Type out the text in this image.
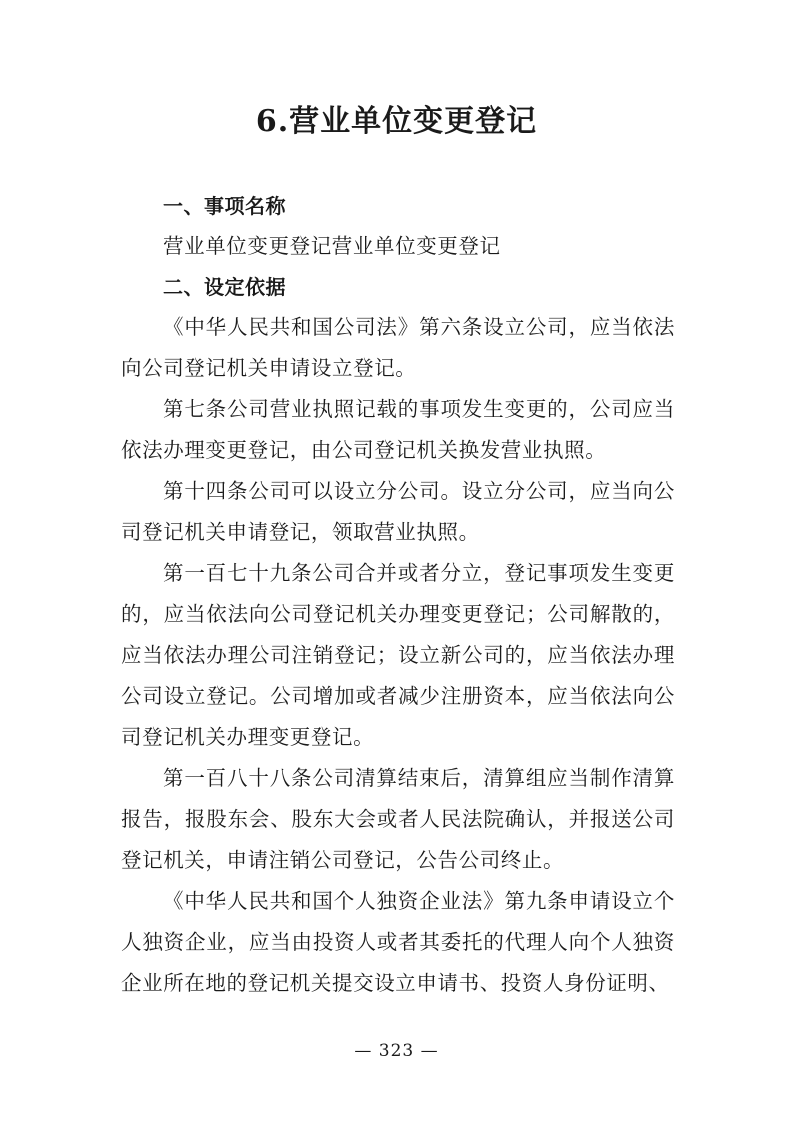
6.营业单位变更登记

一、事项名称

营业单位变更登记营业单位变更登记

二、设定依据

《中华人民共和国公司法》第六条设立公司，应当依法向公司登记机关申请设立登记。

第七条公司营业执照记载的事项发生变更的，公司应当依法办理变更登记，由公司登记机关换发营业执照。

第十四条公司可以设立分公司。设立分公司，应当向公司登记机关申请登记，领取营业执照。

第一百七十九条公司合并或者分立，登记事项发生变更的，应当依法向公司登记机关办理变更登记；公司解散的，应当依法办理公司注销登记；设立新公司的，应当依法办理公司设立登记。公司增加或者减少注册资本，应当依法向公司登记机关办理变更登记。

第一百八十八条公司清算结束后，清算组应当制作清算报告，报股东会、股东大会或者人民法院确认，并报送公司登记机关，申请注销公司登记，公告公司终止。

《中华人民共和国个人独资企业法》第九条申请设立个人独资企业，应当由投资人或者其委托的代理人向个人独资企业所在地的登记机关提交设立申请书、投资人身份证明、

— 323 —
